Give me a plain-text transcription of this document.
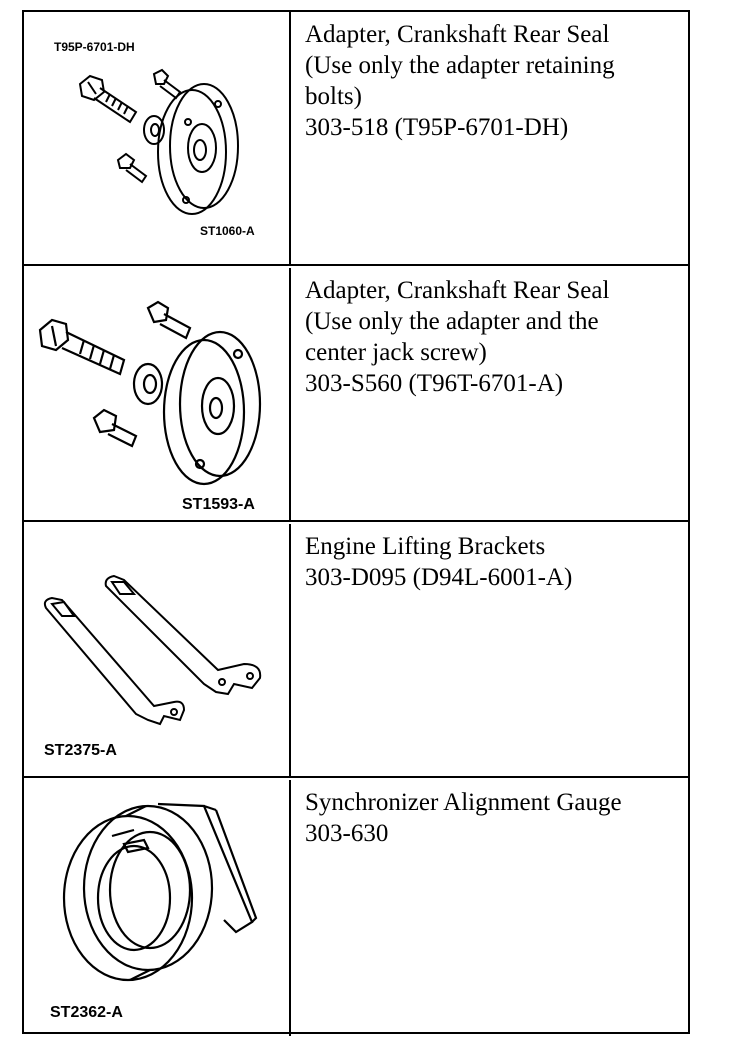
T95P-6701-DH
ST1060-A
Adapter, Crankshaft Rear Seal
(Use only the adapter retaining
bolts)
303-518 (T95P-6701-DH)
ST1593-A
Adapter, Crankshaft Rear Seal
(Use only the adapter and the
center jack screw)
303-S560 (T96T-6701-A)
ST2375-A
Engine Lifting Brackets
303-D095 (D94L-6001-A)
ST2362-A
Synchronizer Alignment Gauge
303-630
